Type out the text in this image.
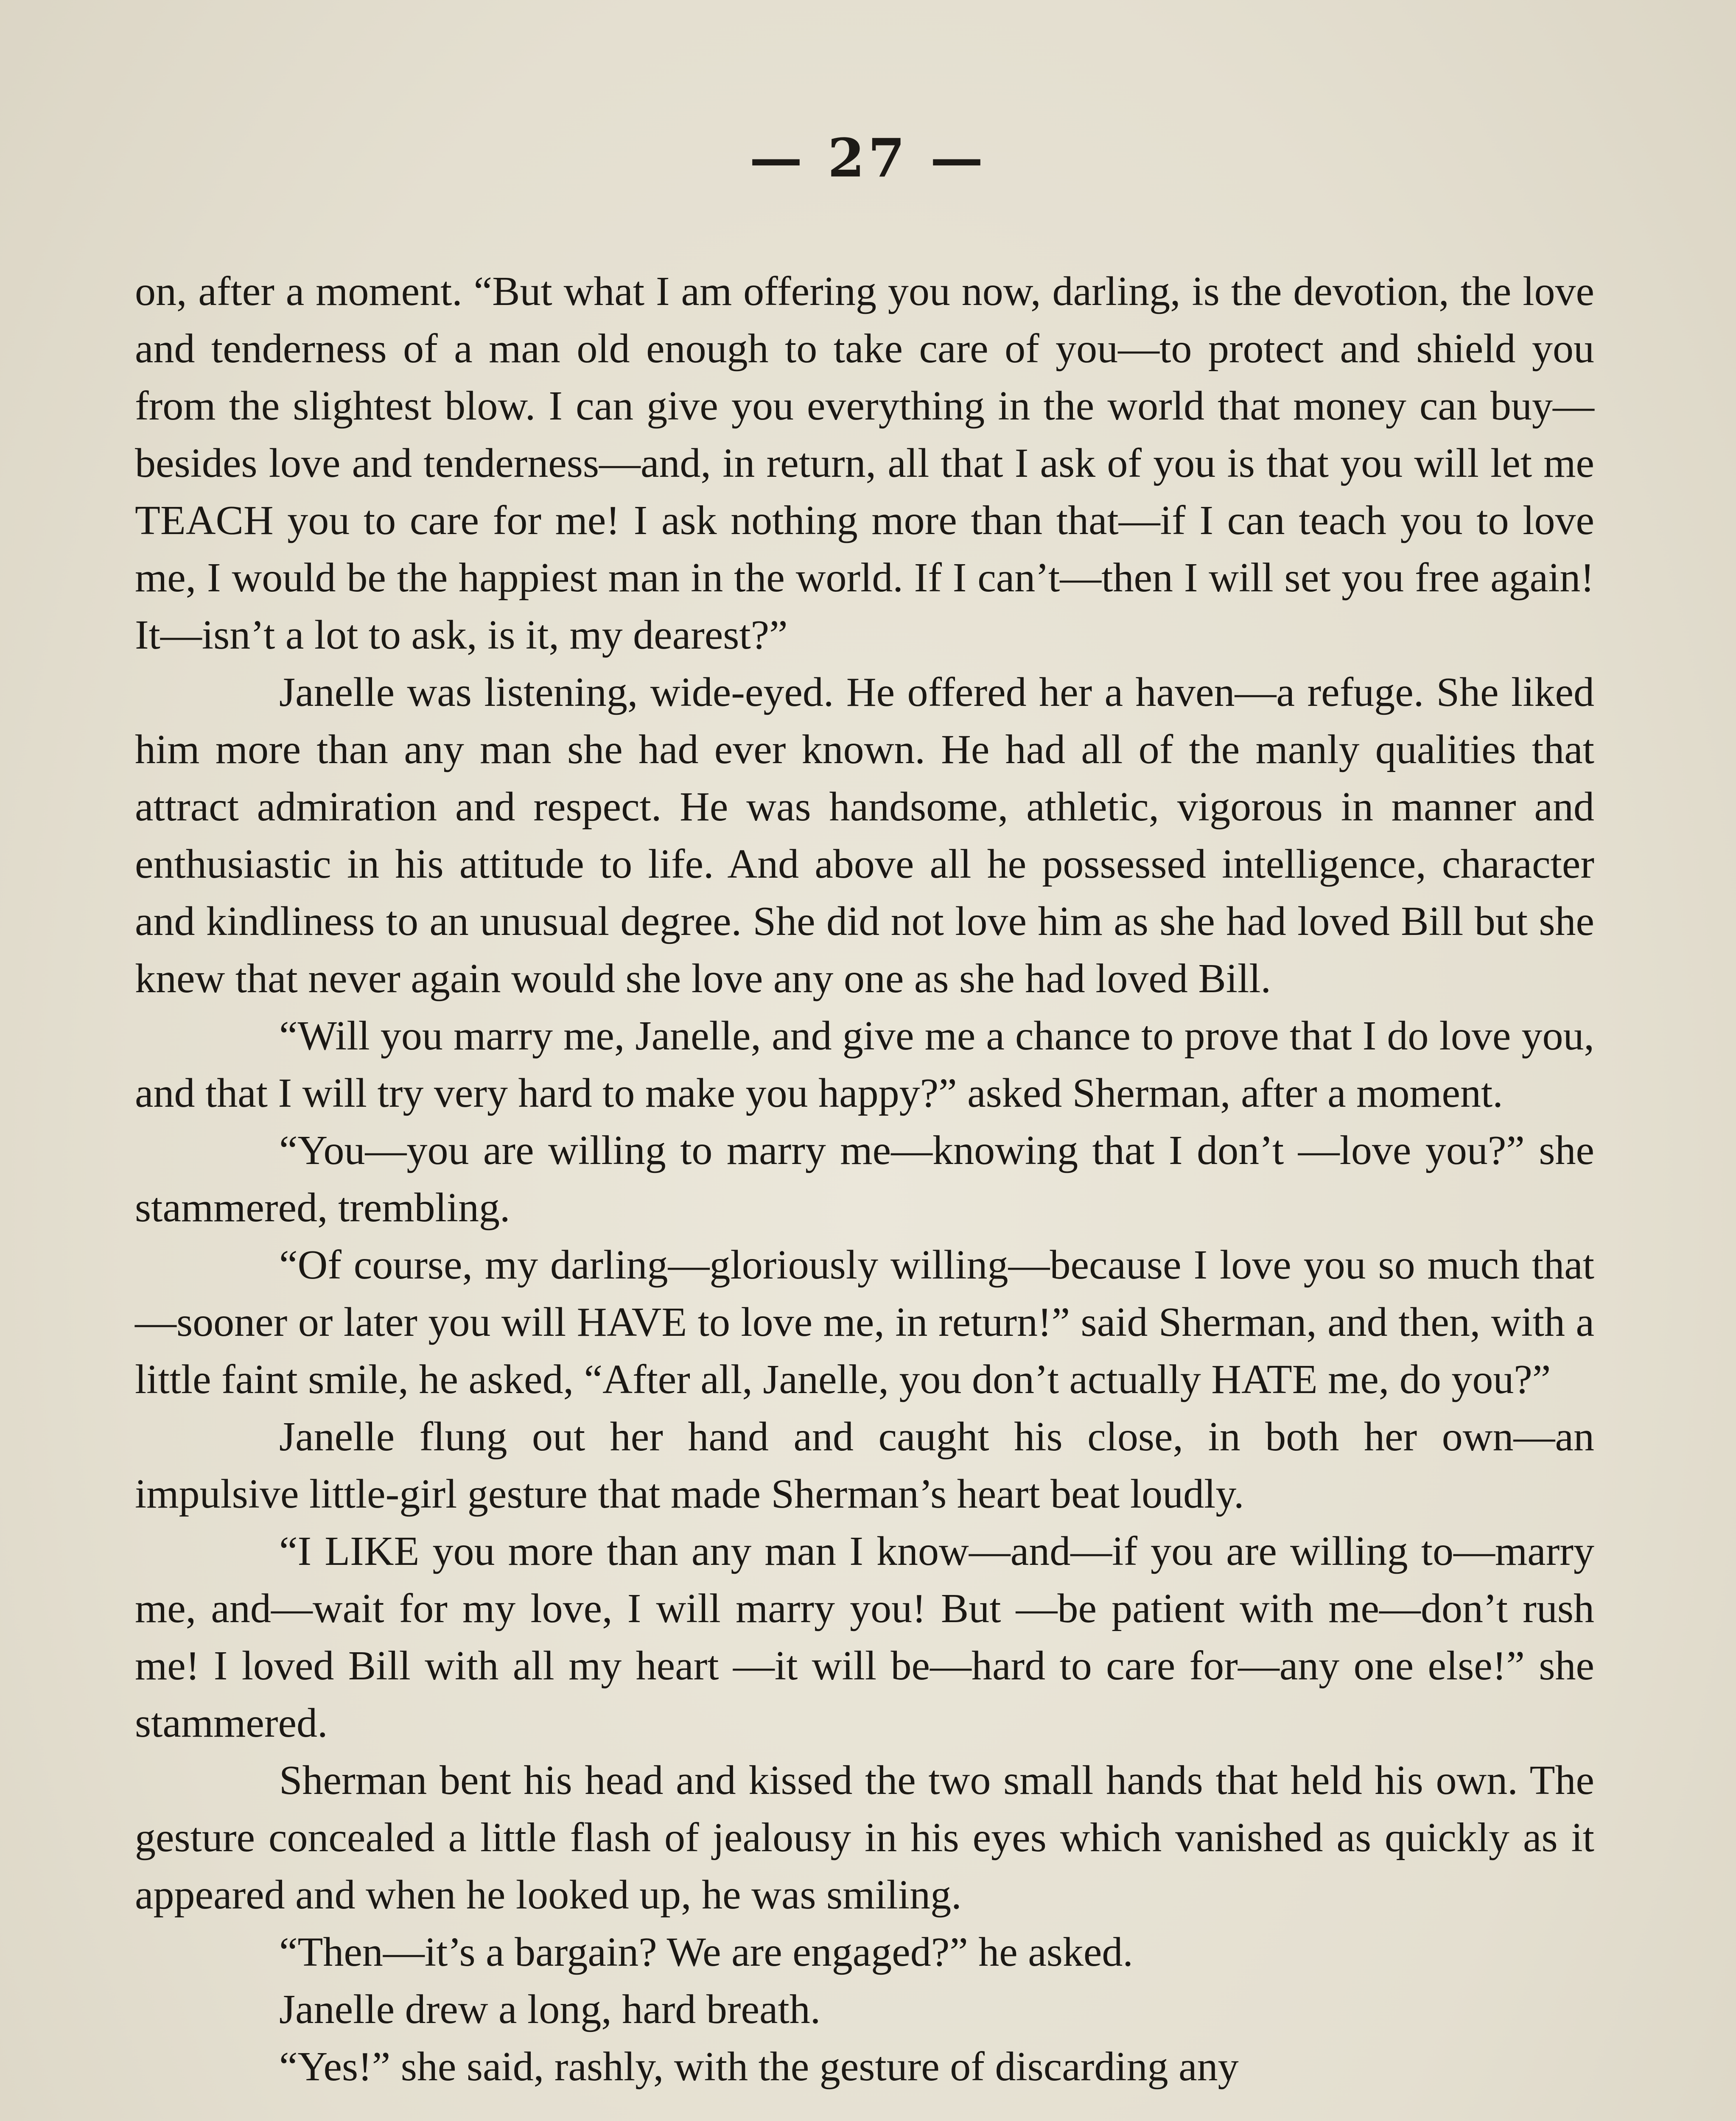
— 27 —

on, after a moment. “But what I am offering you now, darling, is the devotion, the love and tenderness of a man old enough to take care of you—to protect and shield you from the slightest blow. I can give you everything in the world that money can buy—besides love and tenderness—and, in return, all that I ask of you is that you will let me TEACH you to care for me! I ask nothing more than that—if I can teach you to love me, I would be the happiest man in the world. If I can’t—then I will set you free again! It—isn’t a lot to ask, is it, my dearest?”

Janelle was listening, wide-eyed. He offered her a haven—a refuge. She liked him more than any man she had ever known. He had all of the manly qualities that attract admiration and respect. He was handsome, athletic, vigorous in manner and enthusiastic in his attitude to life. And above all he possessed intelligence, character and kindliness to an unusual degree. She did not love him as she had loved Bill but she knew that never again would she love any one as she had loved Bill.

“Will you marry me, Janelle, and give me a chance to prove that I do love you, and that I will try very hard to make you happy?” asked Sherman, after a moment.

“You—you are willing to marry me—knowing that I don’t —love you?” she stammered, trembling.

“Of course, my darling—gloriously willing—because I love you so much that—sooner or later you will HAVE to love me, in return!” said Sherman, and then, with a little faint smile, he asked, “After all, Janelle, you don’t actually HATE me, do you?”

Janelle flung out her hand and caught his close, in both her own—an impulsive little-girl gesture that made Sherman’s heart beat loudly.

“I LIKE you more than any man I know—and—if you are willing to—marry me, and—wait for my love, I will marry you! But —be patient with me—don’t rush me! I loved Bill with all my heart —it will be—hard to care for—any one else!” she stammered.

Sherman bent his head and kissed the two small hands that held his own. The gesture concealed a little flash of jealousy in his eyes which vanished as quickly as it appeared and when he looked up, he was smiling.

“Then—it’s a bargain? We are engaged?” he asked.

Janelle drew a long, hard breath.

“Yes!” she said, rashly, with the gesture of discarding any
